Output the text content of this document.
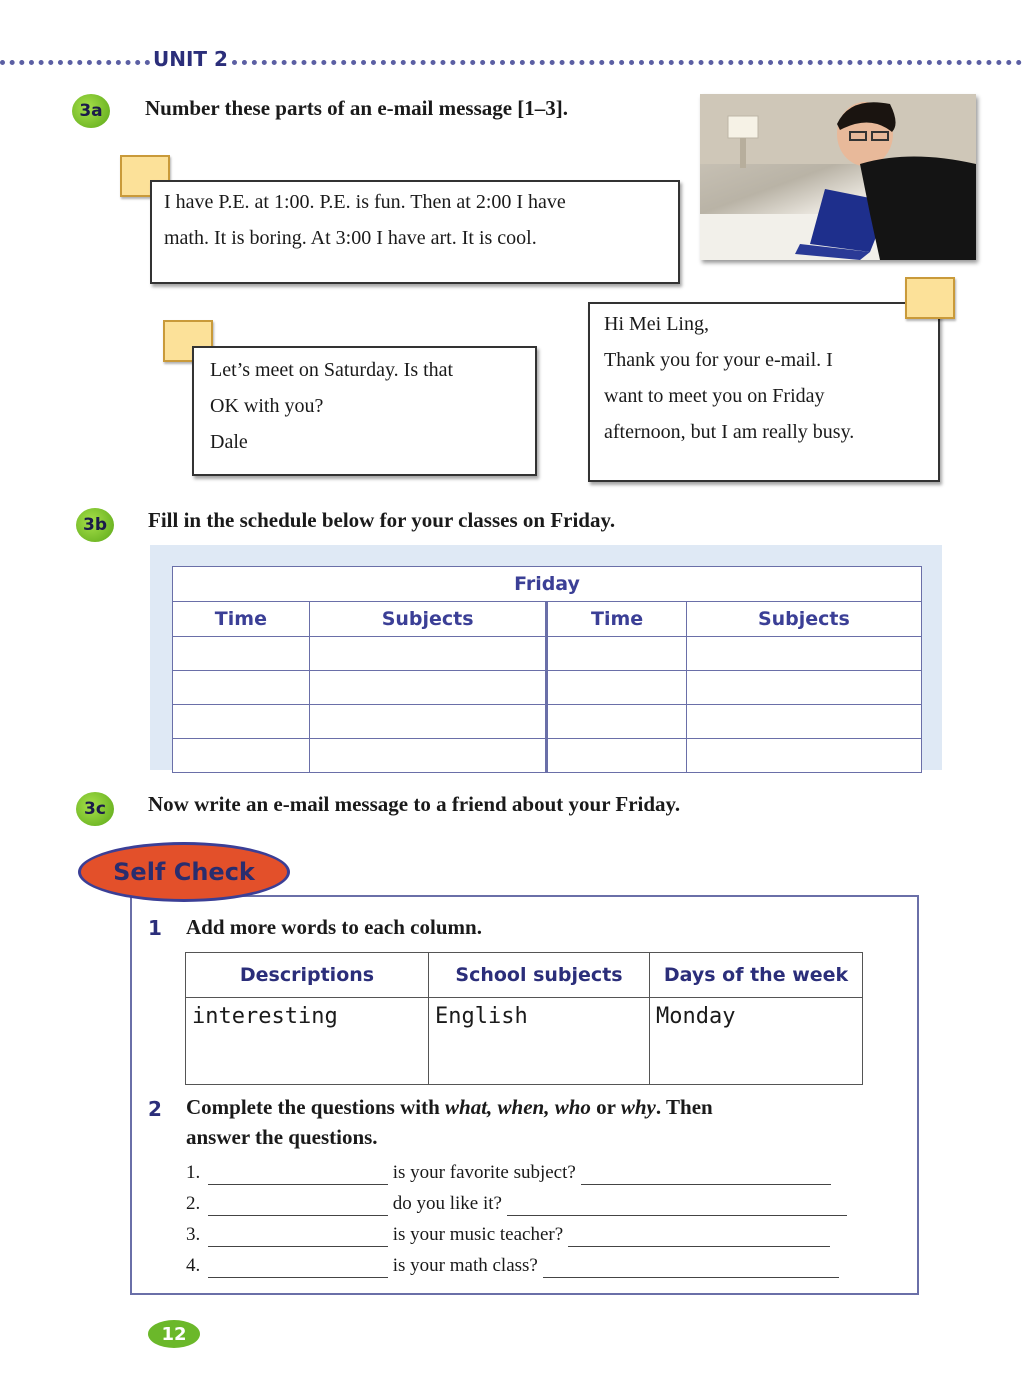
UNIT 2
3a	Number these parts of an e-mail message [1–3].
I have P.E. at 1:00. P.E. is fun. Then at 2:00 I have
math. It is boring. At 3:00 I have art. It is cool.
Let’s meet on Saturday. Is that
OK with you?
Dale
Hi Mei Ling,
Thank you for your e-mail. I
want to meet you on Friday
afternoon, but I am really busy.
3b	Fill in the schedule below for your classes on Friday.
Friday			
Time	Subjects	Time	Subjects

3c	Now write an e-mail message to a friend about your Friday.
Self Check
1 Add more words to each column.
Descriptions	School subjects	Days of the week
interesting	English	Monday
2 Complete the questions with what, when, who or why. Then
answer the questions.
1.	is your favorite subject?
2.	do you like it?
3.	is your music teacher?
4.	is your math class?
12
